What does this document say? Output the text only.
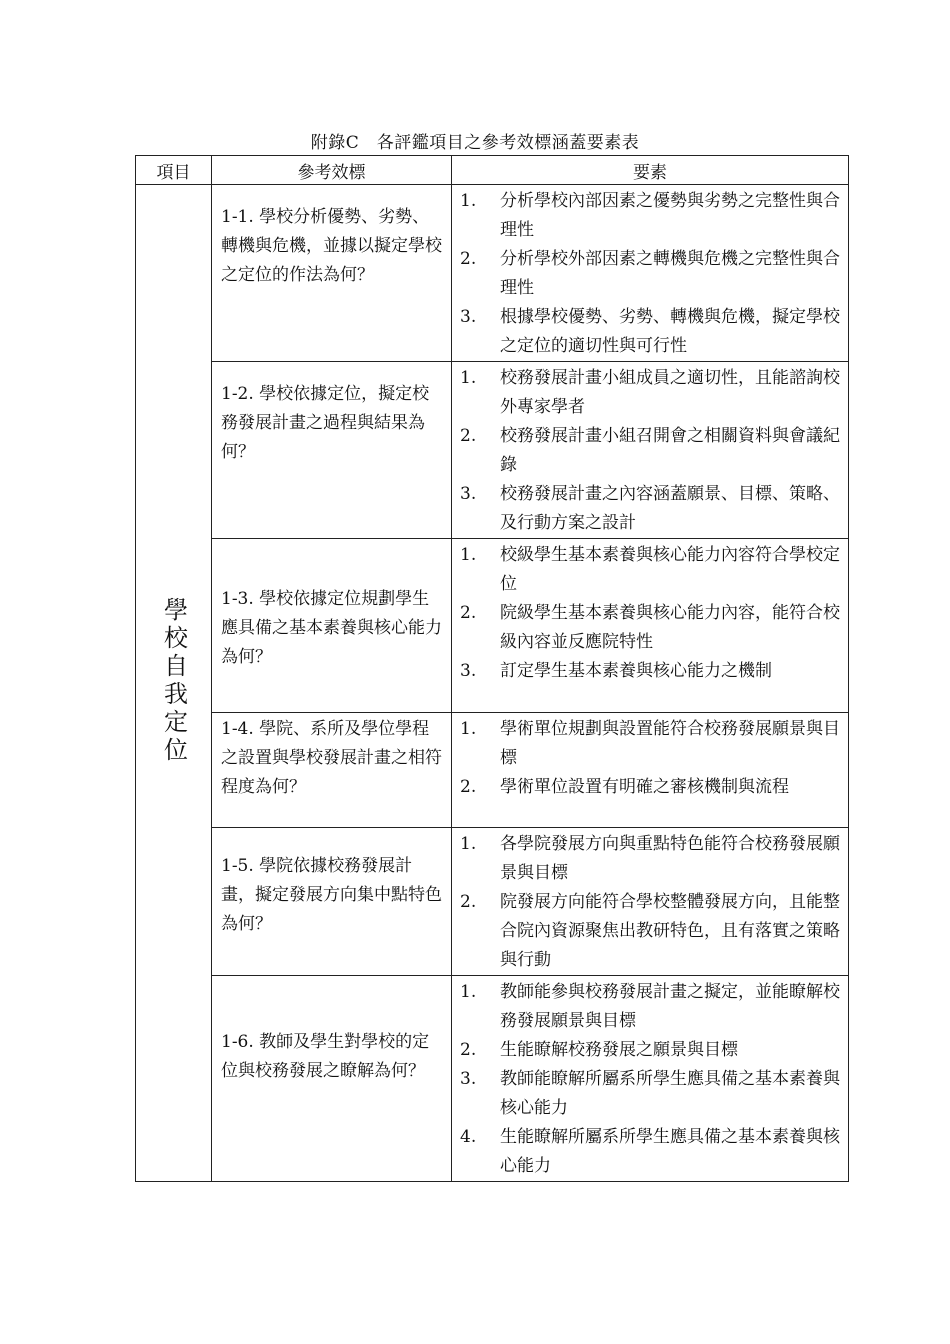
附錄C　各評鑑項目之參考效標涵蓋要素表
項目	參考效標	要素
學校自我定位	1-1. 學校分析優勢、劣勢、轉機與危機，並據以擬定學校之定位的作法為何？	1. 分析學校內部因素之優勢與劣勢之完整性與合理性
2. 分析學校外部因素之轉機與危機之完整性與合理性
3. 根據學校優勢、劣勢、轉機與危機，擬定學校之定位的適切性與可行性

	1-2. 學校依據定位，擬定校務發展計畫之過程與結果為何？	1. 校務發展計畫小組成員之適切性，且能諮詢校外專家學者
2. 校務發展計畫小組召開會之相關資料與會議紀錄
3. 校務發展計畫之內容涵蓋願景、目標、策略、及行動方案之設計

	1-3. 學校依據定位規劃學生應具備之基本素養與核心能力為何？	1. 校級學生基本素養與核心能力內容符合學校定位
2. 院級學生基本素養與核心能力內容，能符合校級內容並反應院特性
3. 訂定學生基本素養與核心能力之機制

	1-4. 學院、系所及學位學程之設置與學校發展計畫之相符程度為何？	1. 學術單位規劃與設置能符合校務發展願景與目標
2. 學術單位設置有明確之審核機制與流程

	1-5. 學院依據校務發展計畫，擬定發展方向集中點特色為何？	1. 各學院發展方向與重點特色能符合校務發展願景與目標
2. 院發展方向能符合學校整體發展方向，且能整合院內資源聚焦出教研特色，且有落實之策略與行動

	1-6. 教師及學生對學校的定位與校務發展之瞭解為何？	1. 教師能參與校務發展計畫之擬定，並能瞭解校務發展願景與目標
2. 生能瞭解校務發展之願景與目標
3. 教師能瞭解所屬系所學生應具備之基本素養與核心能力
4. 生能瞭解所屬系所學生應具備之基本素養與核心能力
